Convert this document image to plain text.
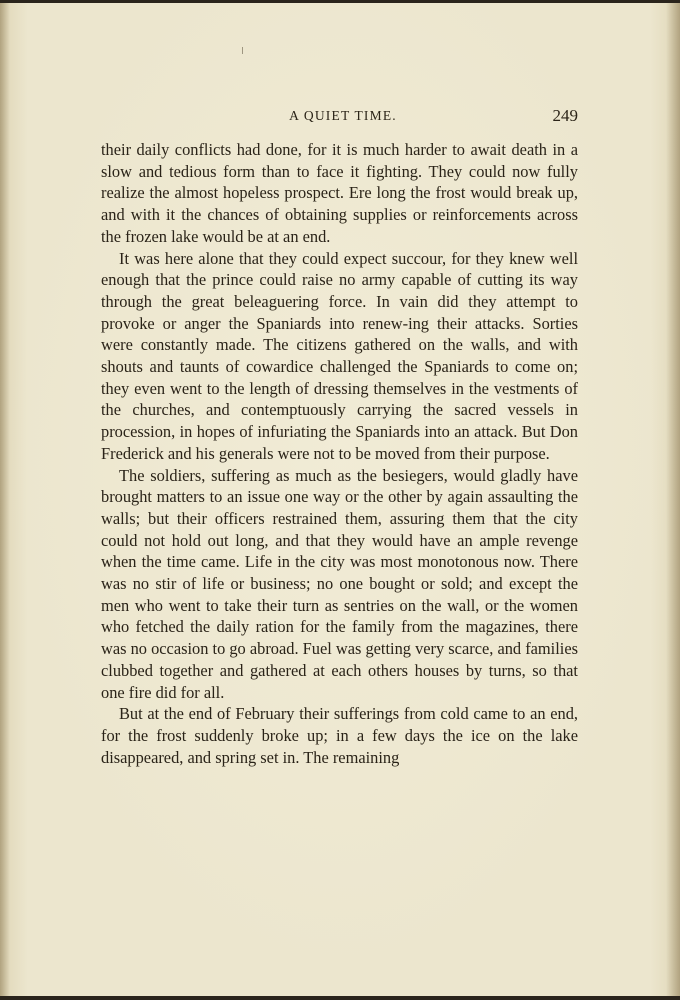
A QUIET TIME.	249

their daily conflicts had done, for it is much harder to await death in a slow and tedious form than to face it fighting. They could now fully realize the almost hopeless prospect. Ere long the frost would break up, and with it the chances of obtaining supplies or reinforcements across the frozen lake would be at an end.

It was here alone that they could expect succour, for they knew well enough that the prince could raise no army capable of cutting its way through the great beleaguering force. In vain did they attempt to provoke or anger the Spaniards into renew-ing their attacks. Sorties were constantly made. The citizens gathered on the walls, and with shouts and taunts of cowardice challenged the Spaniards to come on; they even went to the length of dressing themselves in the vestments of the churches, and contemptuously carrying the sacred vessels in procession, in hopes of infuriating the Spaniards into an attack. But Don Frederick and his generals were not to be moved from their purpose.

The soldiers, suffering as much as the besiegers, would gladly have brought matters to an issue one way or the other by again assaulting the walls; but their officers restrained them, assuring them that the city could not hold out long, and that they would have an ample revenge when the time came. Life in the city was most monotonous now. There was no stir of life or business; no one bought or sold; and except the men who went to take their turn as sentries on the wall, or the women who fetched the daily ration for the family from the magazines, there was no occasion to go abroad. Fuel was getting very scarce, and families clubbed together and gathered at each others houses by turns, so that one fire did for all.

But at the end of February their sufferings from cold came to an end, for the frost suddenly broke up; in a few days the ice on the lake disappeared, and spring set in. The remaining
